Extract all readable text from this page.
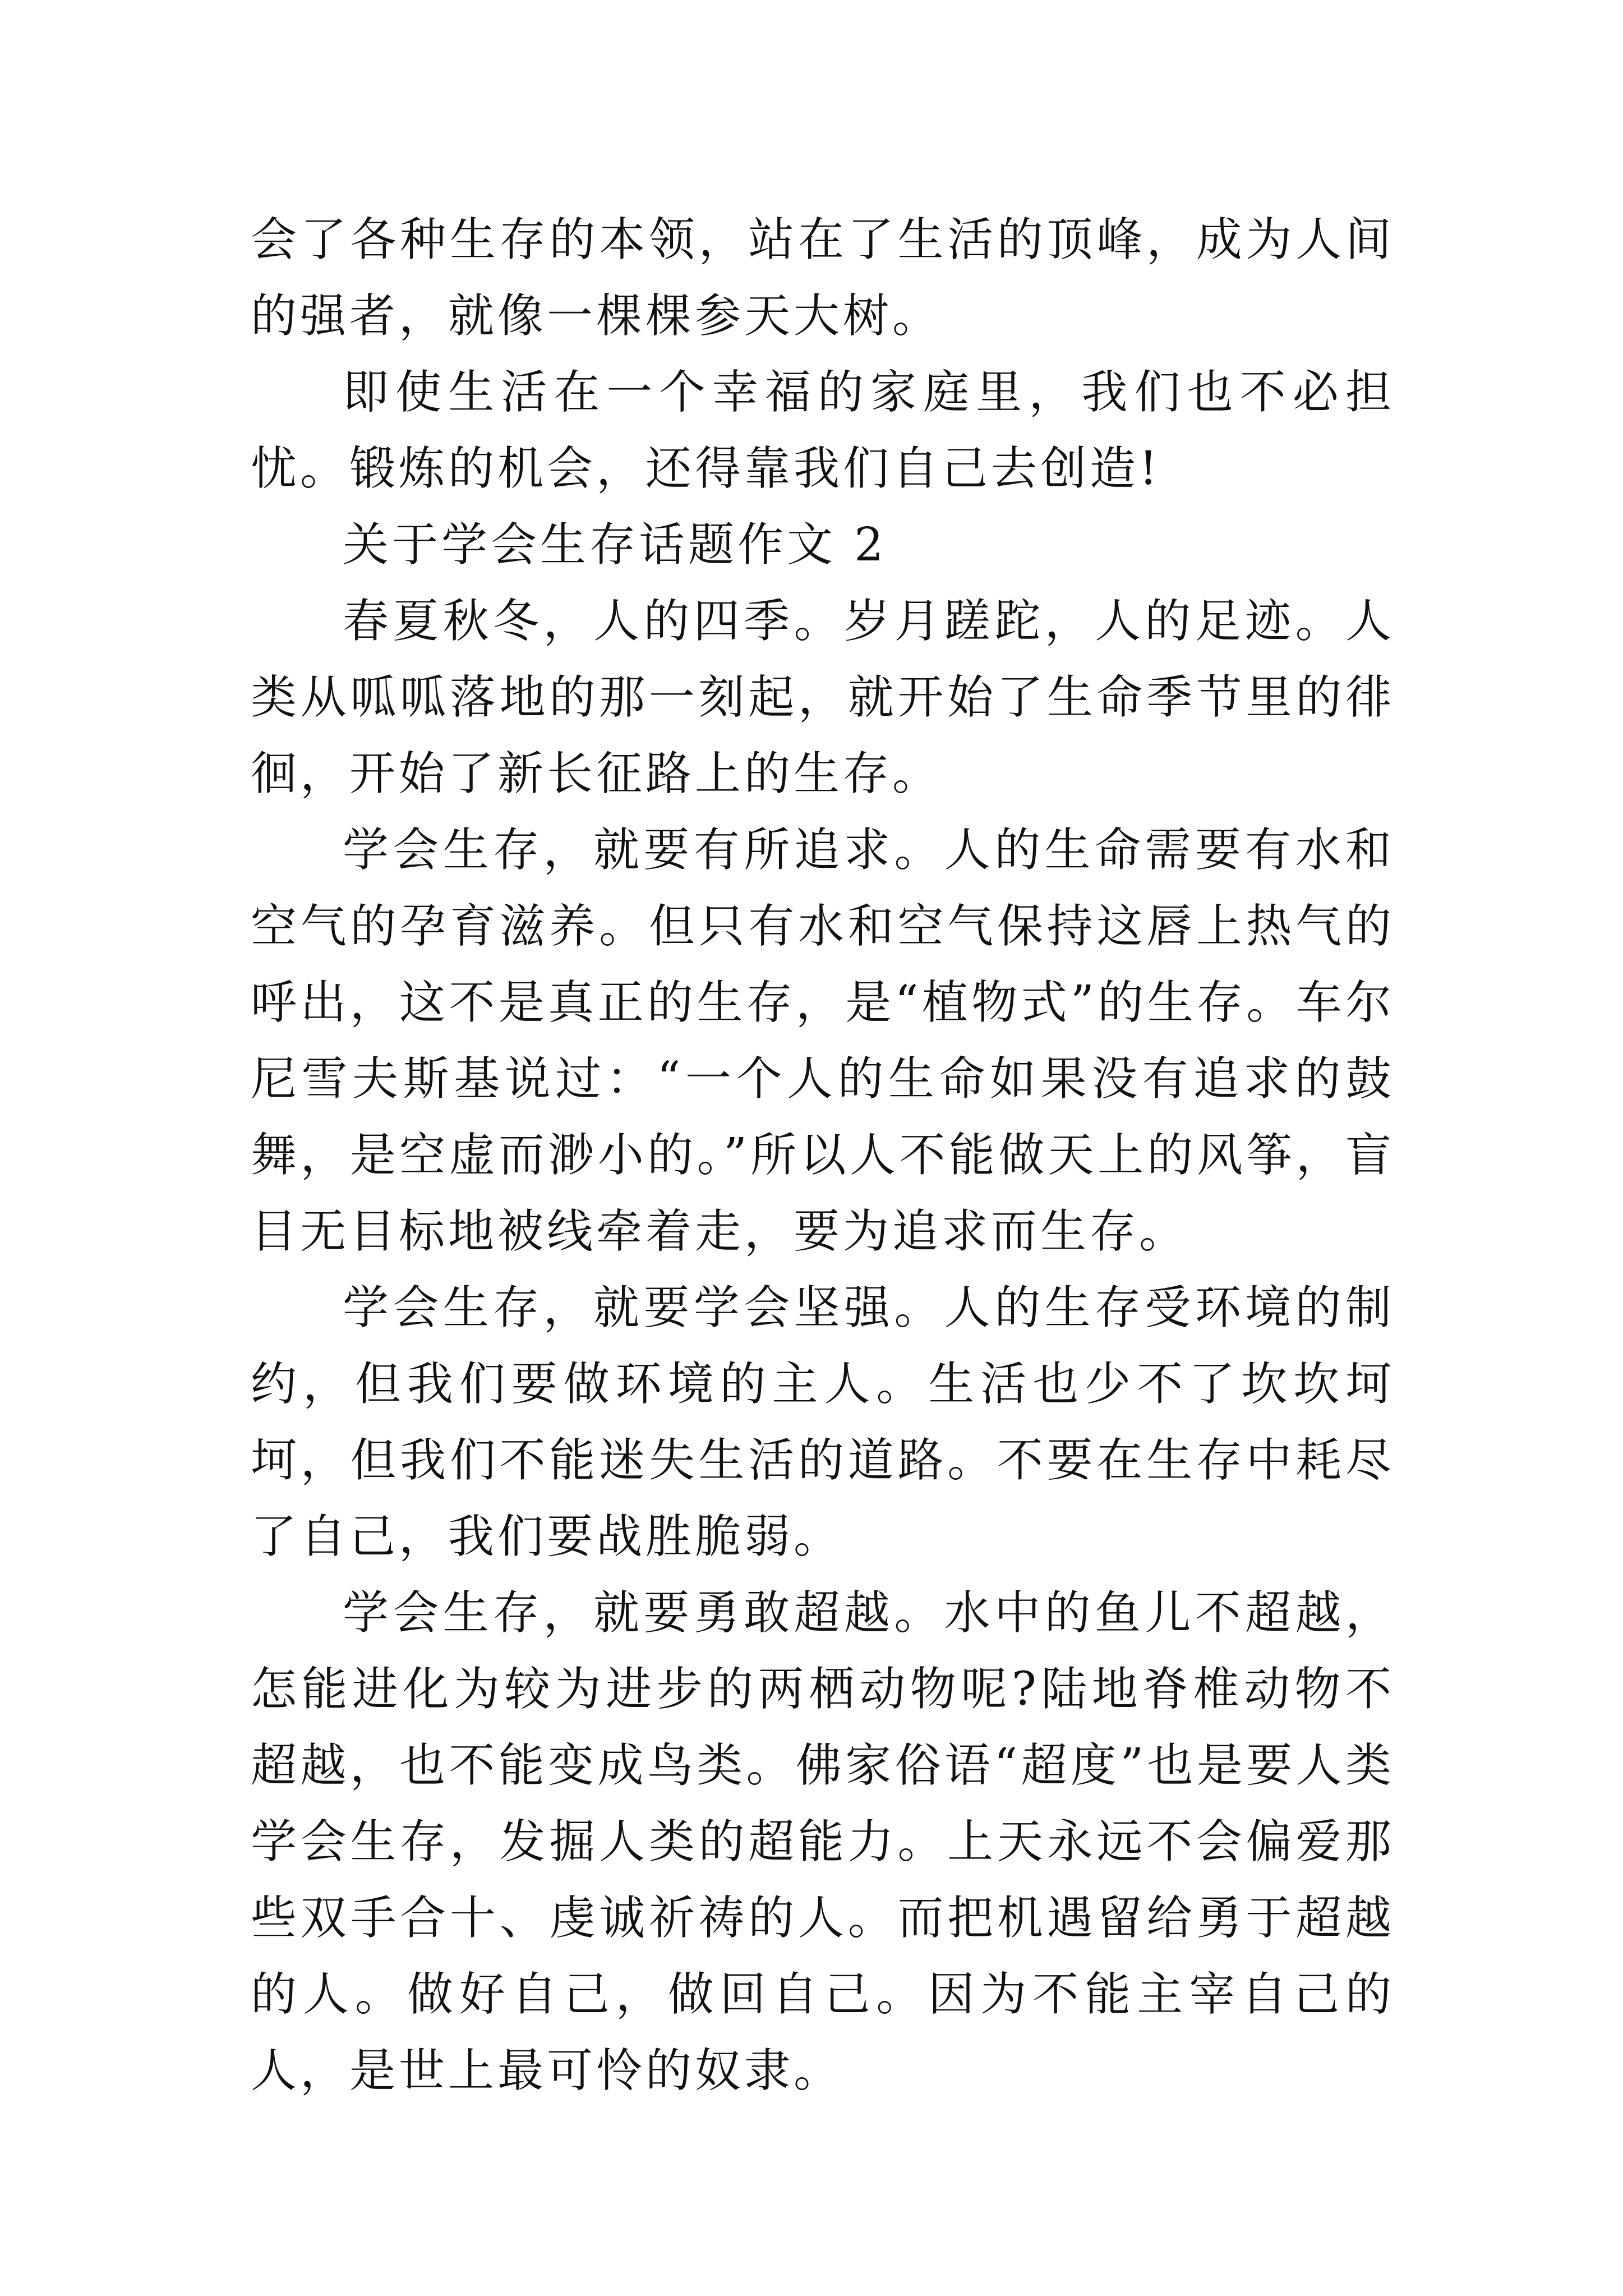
会了各种生存的本领，站在了生活的顶峰，成为人间的强者，就像一棵棵参天大树。

即使生活在一个幸福的家庭里，我们也不必担忧。锻炼的机会，还得靠我们自己去创造!

关于学会生存话题作文 2

春夏秋冬，人的四季。岁月蹉跎，人的足迹。人类从呱呱落地的那一刻起，就开始了生命季节里的徘徊，开始了新长征路上的生存。

学会生存，就要有所追求。人的生命需要有水和空气的孕育滋养。但只有水和空气保持这唇上热气的呼出，这不是真正的生存，是“植物式”的生存。车尔尼雪夫斯基说过：“一个人的生命如果没有追求的鼓舞，是空虚而渺小的。”所以人不能做天上的风筝，盲目无目标地被线牵着走，要为追求而生存。

学会生存，就要学会坚强。人的生存受环境的制约，但我们要做环境的主人。生活也少不了坎坎坷坷，但我们不能迷失生活的道路。不要在生存中耗尽了自己，我们要战胜脆弱。

学会生存，就要勇敢超越。水中的鱼儿不超越，怎能进化为较为进步的两栖动物呢?陆地脊椎动物不超越，也不能变成鸟类。佛家俗语“超度”也是要人类学会生存，发掘人类的超能力。上天永远不会偏爱那些双手合十、虔诚祈祷的人。而把机遇留给勇于超越的人。做好自己，做回自己。因为不能主宰自己的人，是世上最可怜的奴隶。
